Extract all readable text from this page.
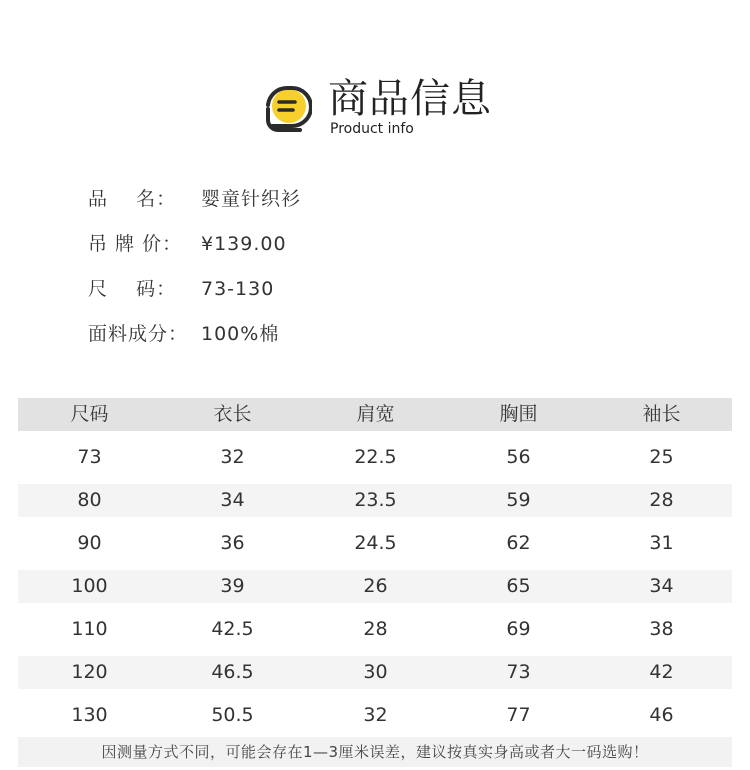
商品信息
Product info
品    名：	婴童针织衫
吊 牌 价： ¥139.00
尺    码：	73-130
面料成分： 100%棉
尺码	衣长	肩宽	胸围	袖长
73	32	22.5	56	25
80	34	23.5	59	28
90	36	24.5	62	31
100	39	26	65	34
110	42.5	28	69	38
120	46.5	30	73	42
130	50.5	32	77	46
因测量方式不同，可能会存在1—3厘米误差，建议按真实身高或者大一码选购！
